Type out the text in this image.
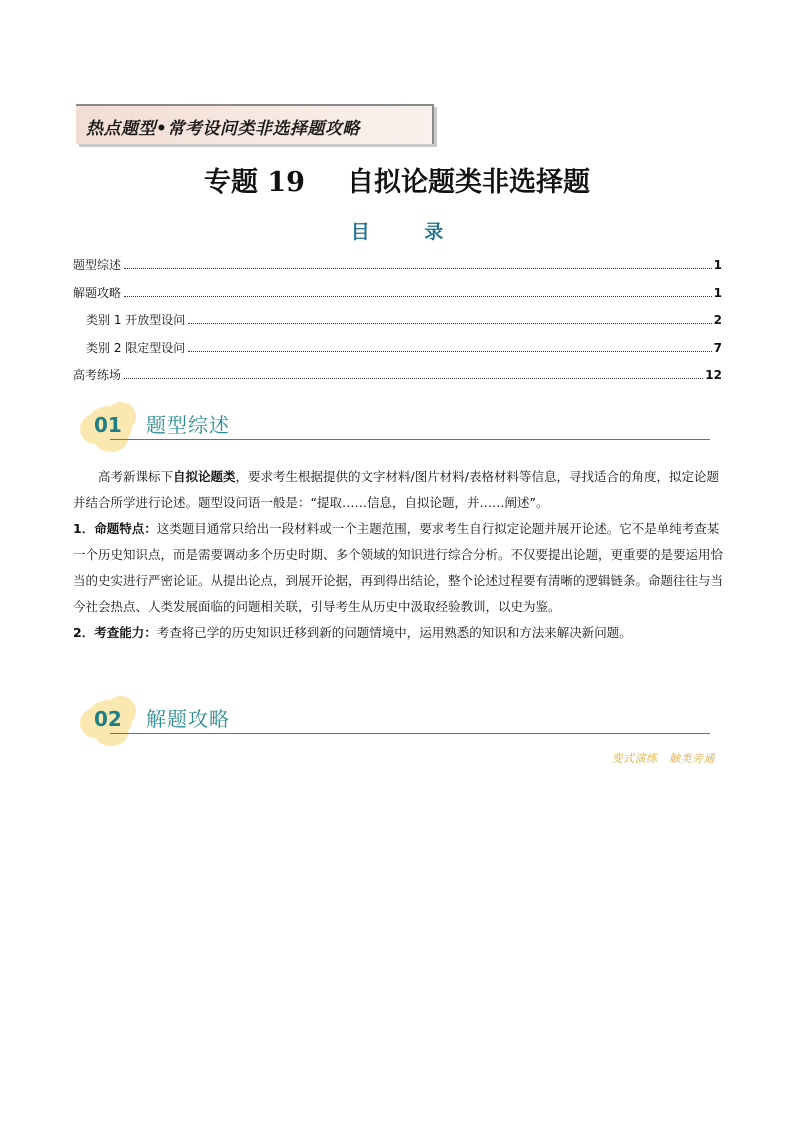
热点题型•常考设问类非选择题攻略
专题 19 自拟论题类非选择题
目 录
题型综述	1
解题攻略	1
类别 1 开放型设问	2
类别 2 限定型设问	7
高考练场	12
01 题型综述

高考新课标下自拟论题类，要求考生根据提供的文字材料/图片材料/表格材料等信息，寻找适合的角度，拟定论题并结合所学进行论述。题型设问语一般是：“提取……信息，自拟论题，并……阐述”。

1．命题特点：这类题目通常只给出一段材料或一个主题范围，要求考生自行拟定论题并展开论述。它不是单纯考查某一个历史知识点，而是需要调动多个历史时期、多个领域的知识进行综合分析。不仅要提出论题，更重要的是要运用恰当的史实进行严密论证。从提出论点，到展开论据，再到得出结论，整个论述过程要有清晰的逻辑链条。命题往往与当今社会热点、人类发展面临的问题相关联，引导考生从历史中汲取经验教训，以史为鉴。

2．考查能力：考查将已学的历史知识迁移到新的问题情境中，运用熟悉的知识和方法来解决新问题。

02 解题攻略
变式演练　触类旁通
